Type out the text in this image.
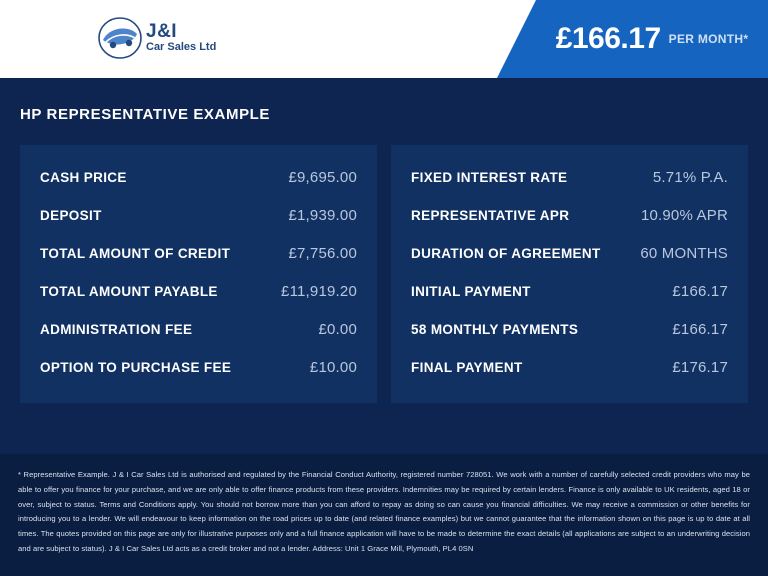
J&I
Car Sales Ltd	£166.17 PER MONTH*
HP REPRESENTATIVE EXAMPLE
CASH PRICE	£9,695.00
DEPOSIT	£1,939.00
TOTAL AMOUNT OF CREDIT	£7,756.00
TOTAL AMOUNT PAYABLE	£11,919.20
ADMINISTRATION FEE	£0.00
OPTION TO PURCHASE FEE	£10.00
FIXED INTEREST RATE	5.71% P.A.
REPRESENTATIVE APR	10.90% APR
DURATION OF AGREEMENT	60 MONTHS
INITIAL PAYMENT	£166.17
58 MONTHLY PAYMENTS	£166.17
FINAL PAYMENT	£176.17

* Representative Example. J & I Car Sales Ltd is authorised and regulated by the Financial Conduct Authority, registered number 728051. We work with a number of carefully selected credit providers who may be able to offer you finance for your purchase, and we are only able to offer finance products from these providers. Indemnities may be required by certain lenders. Finance is only available to UK residents, aged 18 or over, subject to status. Terms and Conditions apply. You should not borrow more than you can afford to repay as doing so can cause you financial difficulties. We may receive a commission or other benefits for introducing you to a lender. We will endeavour to keep information on the road prices up to date (and related finance examples) but we cannot guarantee that the information shown on this page is up to date at all times. The quotes provided on this page are only for illustrative purposes only and a full finance application will have to be made to determine the exact details (all applications are subject to an underwriting decision and are subject to status). J & I Car Sales Ltd acts as a credit broker and not a lender. Address: Unit 1 Grace Mill, Plymouth, PL4 0SN
